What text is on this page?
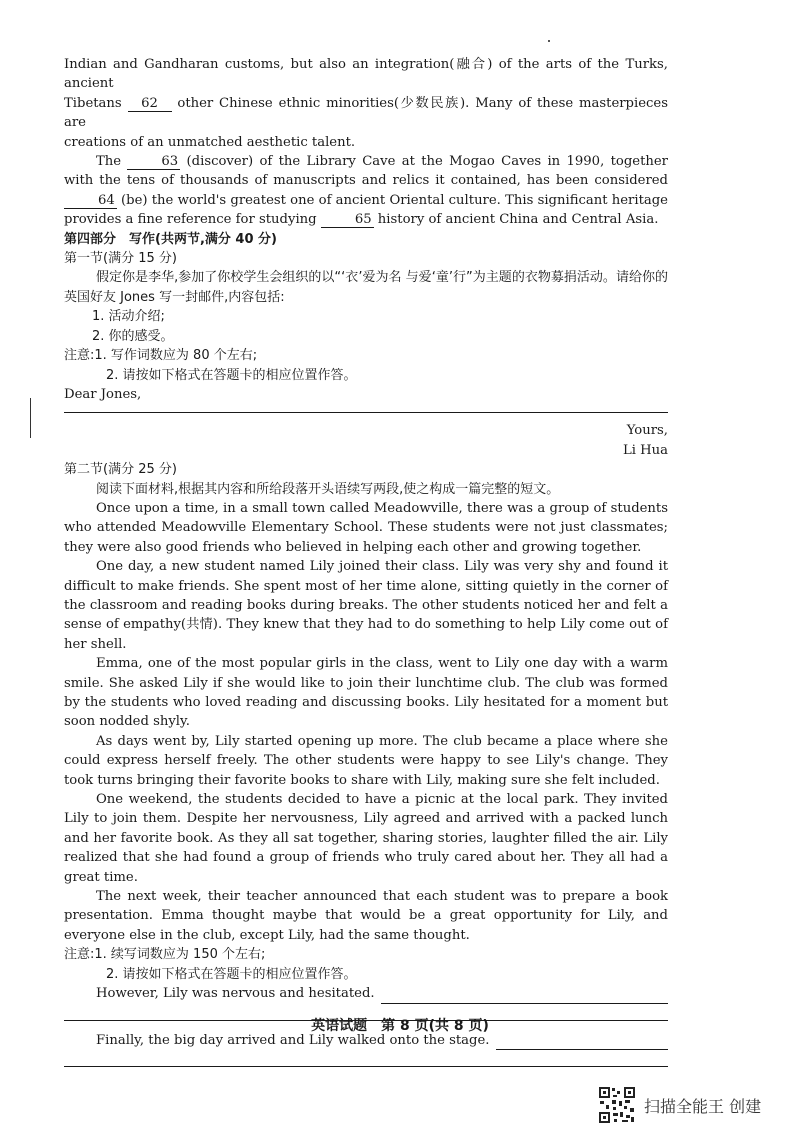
Indian and Gandharan customs, but also an integration(融合) of the arts of the Turks, ancient
Tibetans 62 other Chinese ethnic minorities(少数民族). Many of these masterpieces are
creations of an unmatched aesthetic talent.
The	63 (discover) of the Library Cave at the Mogao Caves in 1990, together with the tens of thousands of manuscripts and relics it contained, has been considered 64 (be) the world's greatest one of ancient Oriental culture. This significant heritage provides a fine reference for studying	65 history of ancient China and Central Asia.
第四部分　写作(共两节,满分 40 分)
第一节(满分 15 分)
假定你是李华,参加了你校学生会组织的以“‘衣’爱为名 与爱‘童’行”为主题的衣物募捐活动。请给你的英国好友 Jones 写一封邮件,内容包括:
1. 活动介绍;
2. 你的感受。
注意:1. 写作词数应为 80 个左右;
2. 请按如下格式在答题卡的相应位置作答。
Dear Jones,
Yours,
Li Hua
第二节(满分 25 分)
阅读下面材料,根据其内容和所给段落开头语续写两段,使之构成一篇完整的短文。
Once upon a time, in a small town called Meadowville, there was a group of students who attended Meadowville Elementary School. These students were not just classmates; they were also good friends who believed in helping each other and growing together.
One day, a new student named Lily joined their class. Lily was very shy and found it difficult to make friends. She spent most of her time alone, sitting quietly in the corner of the classroom and reading books during breaks. The other students noticed her and felt a sense of empathy(共情). They knew that they had to do something to help Lily come out of her shell.
Emma, one of the most popular girls in the class, went to Lily one day with a warm smile. She asked Lily if she would like to join their lunchtime club. The club was formed by the students who loved reading and discussing books. Lily hesitated for a moment but soon nodded shyly.
As days went by, Lily started opening up more. The club became a place where she could express herself freely. The other students were happy to see Lily's change. They took turns bringing their favorite books to share with Lily, making sure she felt included.
One weekend, the students decided to have a picnic at the local park. They invited Lily to join them. Despite her nervousness, Lily agreed and arrived with a packed lunch and her favorite book. As they all sat together, sharing stories, laughter filled the air. Lily realized that she had found a group of friends who truly cared about her. They all had a great time.
The next week, their teacher announced that each student was to prepare a book presentation. Emma thought maybe that would be a great opportunity for Lily, and everyone else in the club, except Lily, had the same thought.
注意:1. 续写词数应为 150 个左右;
2. 请按如下格式在答题卡的相应位置作答。
However, Lily was nervous and hesitated.
Finally, the big day arrived and Lily walked onto the stage.
英语试题　第 8 页(共 8 页)
扫描全能王 创建
